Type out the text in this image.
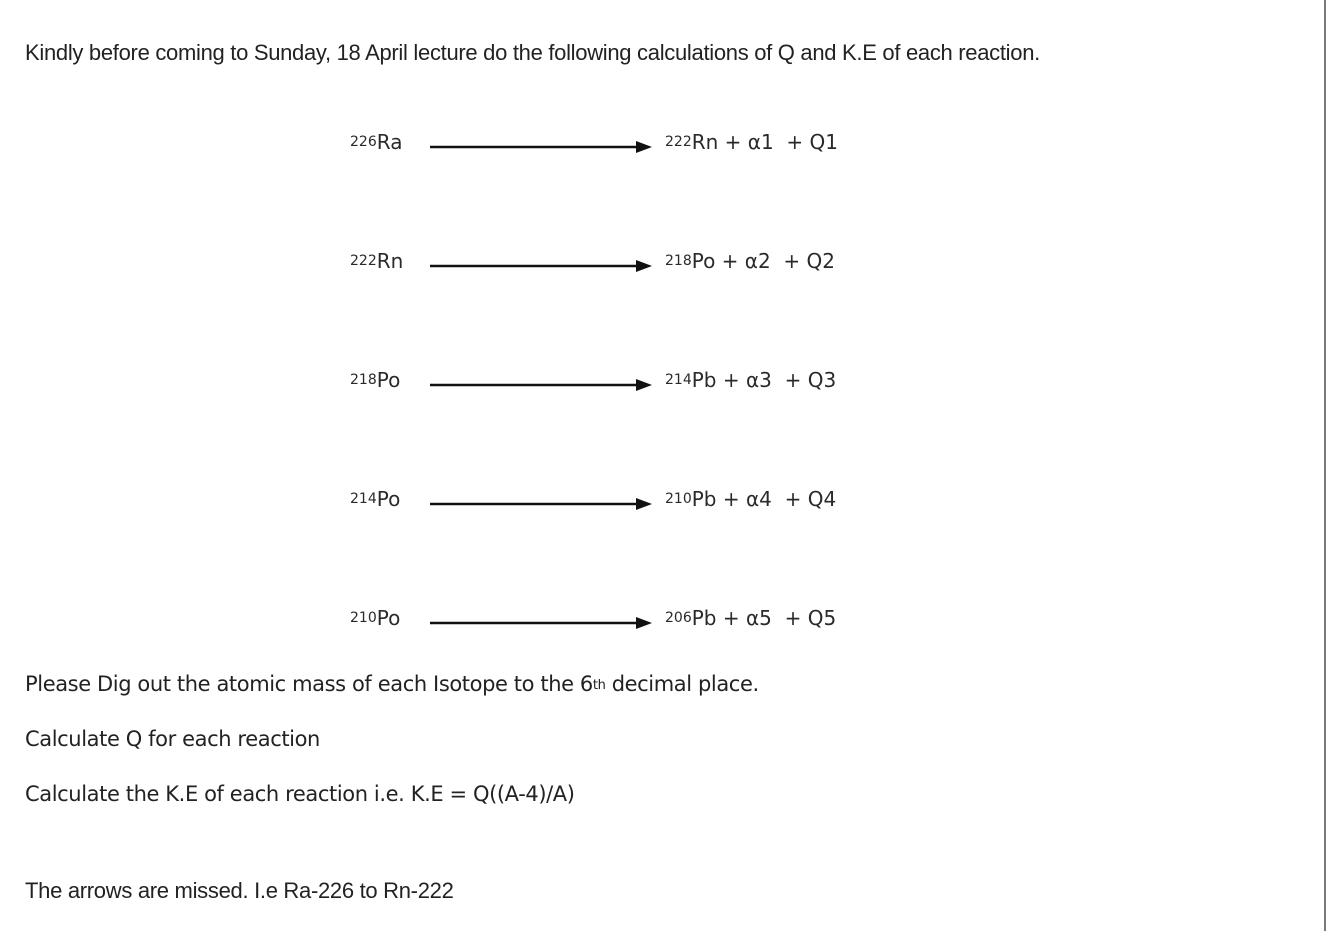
Kindly before coming to Sunday, 18 April lecture do the following calculations of Q and K.E of each reaction.
$^{226}$Ra	$^{222}$Rn + α1  + Q1
$^{222}$Rn	$^{218}$Po + α2  + Q2
$^{218}$Po	$^{214}$Pb + α3  + Q3
$^{214}$Po	$^{210}$Pb + α4  + Q4
$^{210}$Po	$^{206}$Pb + α5  + Q5
Please Dig out the atomic mass of each Isotope to the 6th decimal place.
Calculate Q for each reaction
Calculate the K.E of each reaction i.e. K.E = Q((A-4)/A)
The arrows are missed. I.e Ra-226 to Rn-222
